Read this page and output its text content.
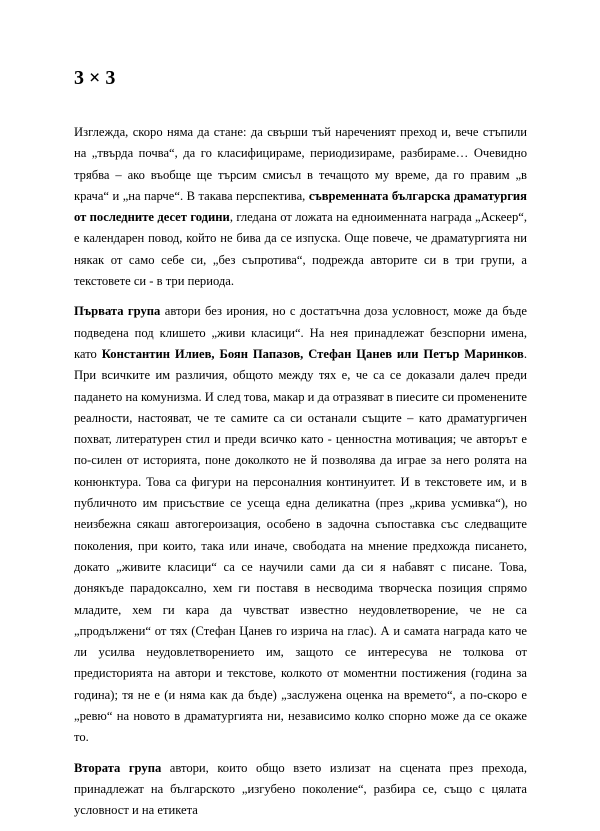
3 × 3

Изглежда, скоро няма да стане: да свърши тъй нареченият преход и, вече стъпили на „твърда почва“, да го класифицираме, периодизираме, разбираме… Очевидно трябва – ако въобще ще търсим смисъл в течащото му време, да го правим „в крача“ и „на парче“. В такава перспектива, съвременната българска драматургия от последните десет години, гледана от ложата на едноименната награда „Аскеер“, е календарен повод, който не бива да се изпуска. Още повече, че драматургията ни някак от само себе си, „без съпротива“, подрежда авторите си в три групи, а текстовете си - в три периода.

Първата група автори без ирония, но с достатъчна доза условност, може да бъде подведена под клишето „живи класици“. На нея принадлежат безспорни имена, като Константин Илиев, Боян Папазов, Стефан Цанев или Петър Маринков. При всичките им различия, общото между тях е, че са се доказали далеч преди падането на комунизма. И след това, макар и да отразяват в пиесите си променените реалности, настояват, че те самите са си останали същите – като драматургичен похват, литературен стил и преди всичко като - ценностна мотивация; че авторът е по-силен от историята, поне доколкото не й позволява да играе за него ролята на конюнктура. Това са фигури на персоналния континуитет. И в текстовете им, и в публичното им присъствие се усеща една деликатна (през „крива усмивка“), но неизбежна сякаш автогероизация, особено в задочна съпоставка със следващите поколения, при които, така или иначе, свободата на мнение предхожда писането, докато „живите класици“ са се научили сами да си я набавят с писане. Това, донякъде парадоксално, хем ги поставя в несводима творческа позиция спрямо младите, хем ги кара да чувстват известно неудовлетворение, че не са „продължени“ от тях (Стефан Цанев го изрича на глас). А и самата награда като че ли усилва неудовлетворението им, защото се интересува не толкова от предисторията на автори и текстове, колкото от моментни постижения (година за година); тя не е (и няма как да бъде) „заслужена оценка на времето“, а по-скоро е „ревю“ на новото в драматургията ни, независимо колко спорно може да се окаже то.

Втората група автори, които общо взето излизат на сцената през прехода, принадлежат на българското „изгубено поколение“, разбира се, също с цялата условност и на етикета
